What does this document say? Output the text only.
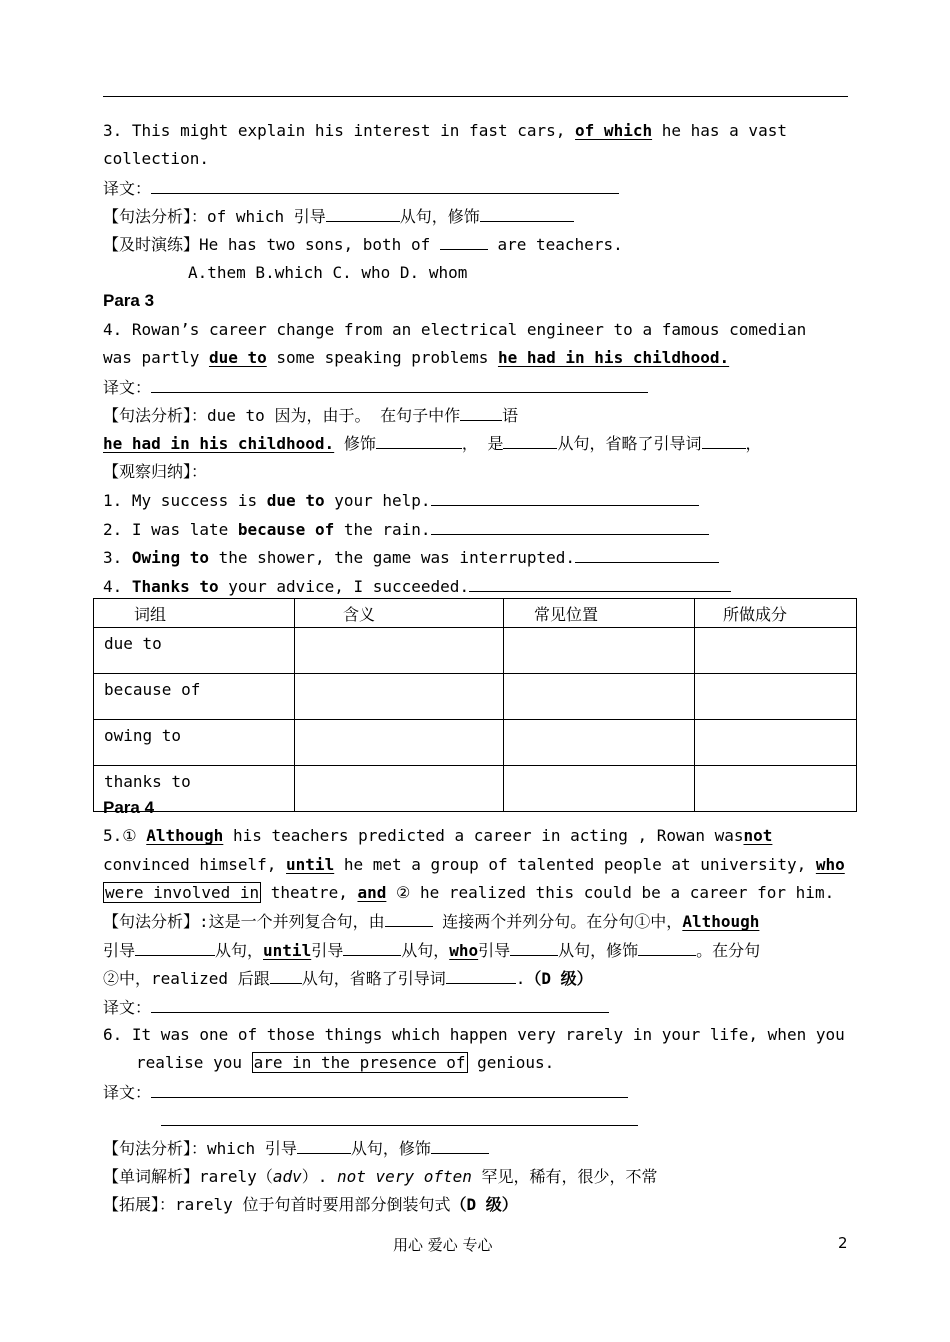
3. This might explain his interest in fast cars, of which he has a vast
collection.
译文：
【句法分析】：of which 引导	从句，修饰
【及时演练】He has two sons, both of	are teachers.
A.them B.which C. who D. whom
Para 3
4. Rowan’s career change from an electrical engineer to a famous comedian
was partly due to some speaking problems he had in his childhood.
译文：
【句法分析】：due to 因为，由于。 在句子中作	语
he had in his childhood. 修饰	， 是	从句，省略了引导词	，
【观察归纳】：
1. My success is due to your help.
2. I was late because of the rain.
3. Owing to the shower, the game was interrupted.
4. Thanks to your advice, I succeeded.
词组	含义	常见位置	所做成分
due to			
because of			
owing to			
thanks to			
Para 4
5.① Although his teachers predicted a career in acting , Rowan wasnot
convinced himself, until he met a group of talented people at university, who
were involved in theatre, and ② he realized this could be a career for him.
【句法分析】:这是一个并列复合句，由	连接两个并列分句。在分句①中，Although
引导	从句，until引导	从句，who引导	从句，修饰	。在分句
②中，realized 后跟 从句，省略了引导词	.（D 级）
译文：
6. It was one of those things which happen very rarely in your life, when you
realise you are in the presence of genious.
译文：
【句法分析】：which 引导	从句，修饰
【单词解析】rarely（adv）. not very often 罕见，稀有，很少，不常
【拓展】：rarely 位于句首时要用部分倒装句式（D 级）
用心 爱心 专心	2
